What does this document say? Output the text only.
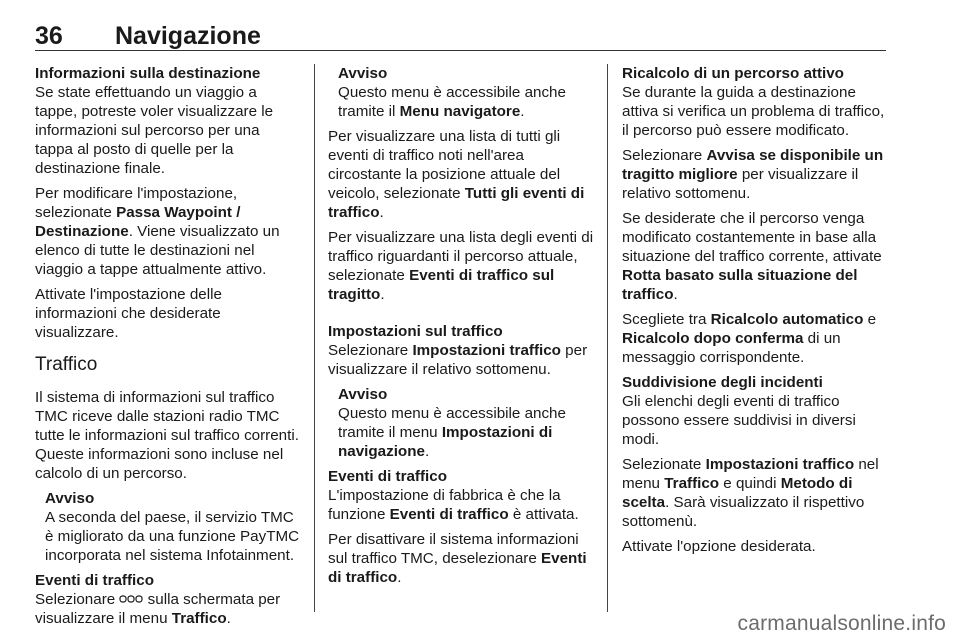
36 Navigazione

Informazioni sulla destinazione

Se state effettuando un viaggio a tappe, potreste voler visualizzare le informazioni sul percorso per una tappa al posto di quelle per la destinazione finale.

Per modificare l'impostazione, selezionate Passa Waypoint / Destinazione. Viene visualizzato un elenco di tutte le destinazioni nel viaggio a tappe attualmente attivo.

Attivate l'impostazione delle informazioni che desiderate visualizzare.

Traffico

Il sistema di informazioni sul traffico TMC riceve dalle stazioni radio TMC tutte le informazioni sul traffico correnti. Queste informazioni sono incluse nel calcolo di un percorso.

Avviso

A seconda del paese, il servizio TMC è migliorato da una funzione PayTMC incorporata nel sistema Infotainment.

Eventi di traffico

Selezionare  sulla schermata per visualizzare il menu Traffico.

Avviso

Questo menu è accessibile anche tramite il Menu navigatore.

Per visualizzare una lista di tutti gli eventi di traffico noti nell'area circostante la posizione attuale del veicolo, selezionate Tutti gli eventi di traffico.

Per visualizzare una lista degli eventi di traffico riguardanti il percorso attuale, selezionate Eventi di traffico sul tragitto.

Impostazioni sul traffico

Selezionare Impostazioni traffico per visualizzare il relativo sottomenu.

Avviso

Questo menu è accessibile anche tramite il menu Impostazioni di navigazione.

Eventi di traffico

L'impostazione di fabbrica è che la funzione Eventi di traffico è attivata.

Per disattivare il sistema informazioni sul traffico TMC, deselezionare Eventi di traffico.

Ricalcolo di un percorso attivo

Se durante la guida a destinazione attiva si verifica un problema di traffico, il percorso può essere modificato.

Selezionare Avvisa se disponibile un tragitto migliore per visualizzare il relativo sottomenu.

Se desiderate che il percorso venga modificato costantemente in base alla situazione del traffico corrente, attivate Rotta basato sulla situazione del traffico.

Scegliete tra Ricalcolo automatico e Ricalcolo dopo conferma di un messaggio corrispondente.

Suddivisione degli incidenti

Gli elenchi degli eventi di traffico possono essere suddivisi in diversi modi.

Selezionate Impostazioni traffico nel menu Traffico e quindi Metodo di scelta. Sarà visualizzato il rispettivo sottomenù.

Attivate l'opzione desiderata.

carmanualsonline.info
